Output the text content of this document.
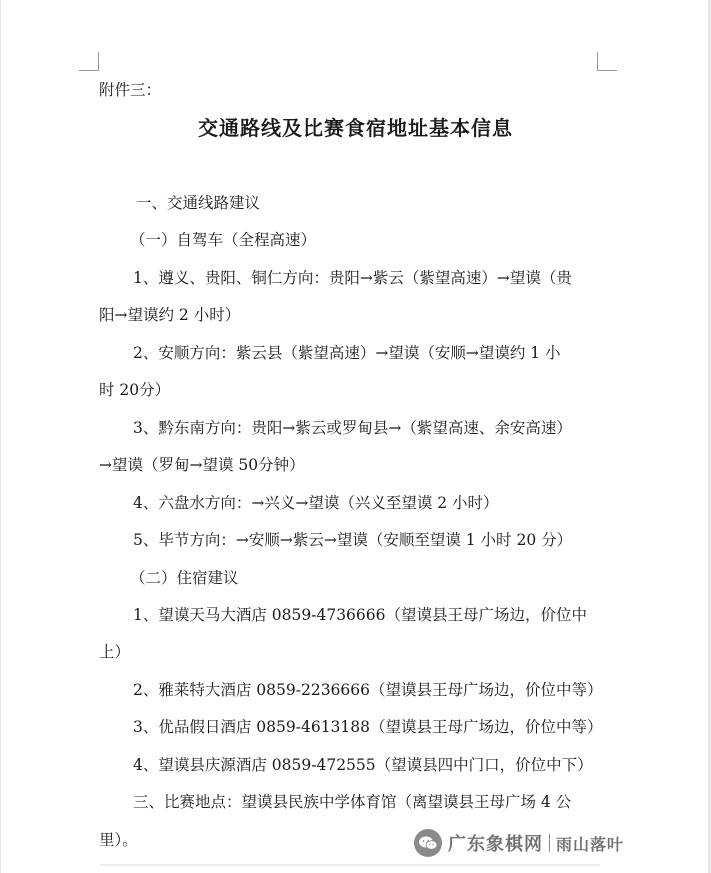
附件三：
交通路线及比赛食宿地址基本信息
一、交通线路建议
（一）自驾车（全程高速）
1、遵义、贵阳、铜仁方向：贵阳→紫云（紫望高速）→望谟（贵
阳→望谟约 2 小时）
2、安顺方向：紫云县（紫望高速）→望谟（安顺→望谟约 1 小
时 20分）
3、黔东南方向：贵阳→紫云或罗甸县→（紫望高速、余安高速）
→望谟（罗甸→望谟 50分钟）
4、六盘水方向：→兴义→望谟（兴义至望谟 2 小时）
5、毕节方向：→安顺→紫云→望谟（安顺至望谟 1 小时 20 分）
（二）住宿建议
1、望谟天马大酒店 0859-4736666（望谟县王母广场边，价位中
上）
2、雅莱特大酒店 0859-2236666（望谟县王母广场边，价位中等）
3、优品假日酒店 0859-4613188（望谟县王母广场边，价位中等）
4、望谟县庆源酒店 0859-472555（望谟县四中门口，价位中下）
三、比赛地点：望谟县民族中学体育馆（离望谟县王母广场 4 公
里）。	广东象棋网 雨山落叶
